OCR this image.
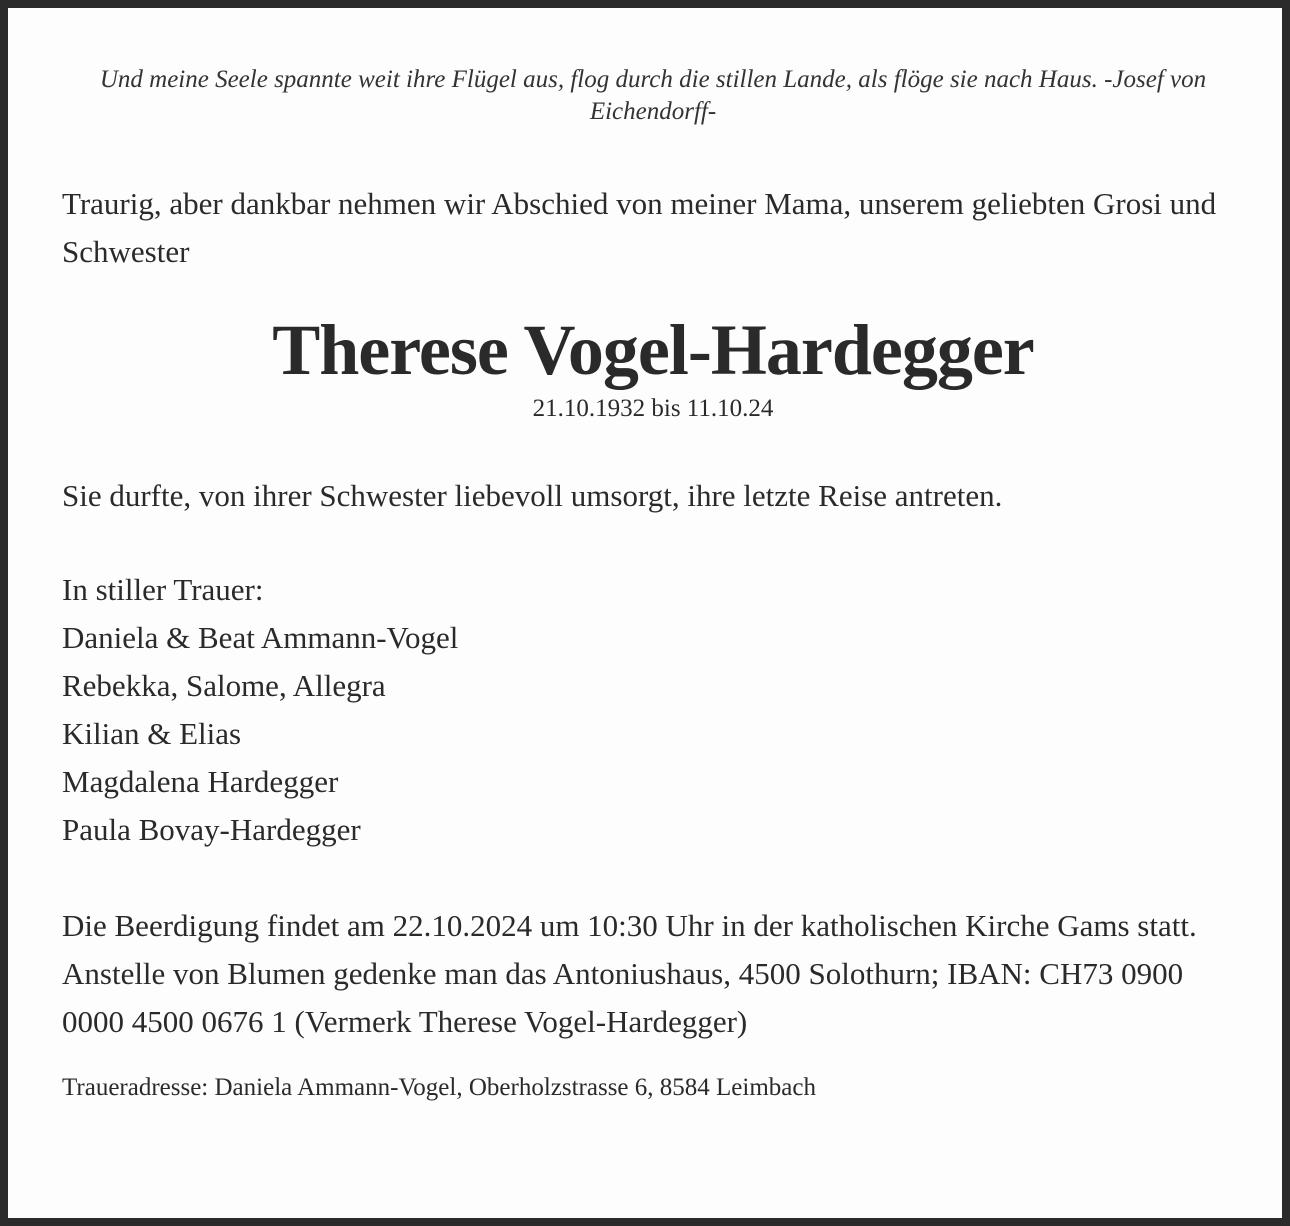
Und meine Seele spannte weit ihre Flügel aus, flog durch die stillen Lande, als flöge sie nach Haus. -Josef von Eichendorff-
Traurig, aber dankbar nehmen wir Abschied von meiner Mama, unserem geliebten Grosi und Schwester
Therese Vogel-Hardegger
21.10.1932 bis 11.10.24
Sie durfte, von ihrer Schwester liebevoll umsorgt, ihre letzte Reise antreten.
In stiller Trauer:
Daniela & Beat Ammann-Vogel
Rebekka, Salome, Allegra
Kilian & Elias
Magdalena Hardegger
Paula Bovay-Hardegger
Die Beerdigung findet am 22.10.2024 um 10:30 Uhr in der katholischen Kirche Gams statt.
Anstelle von Blumen gedenke man das Antoniushaus, 4500 Solothurn; IBAN: CH73 0900 0000 4500 0676 1 (Vermerk Therese Vogel-Hardegger)
Traueradresse: Daniela Ammann-Vogel, Oberholzstrasse 6, 8584 Leimbach
